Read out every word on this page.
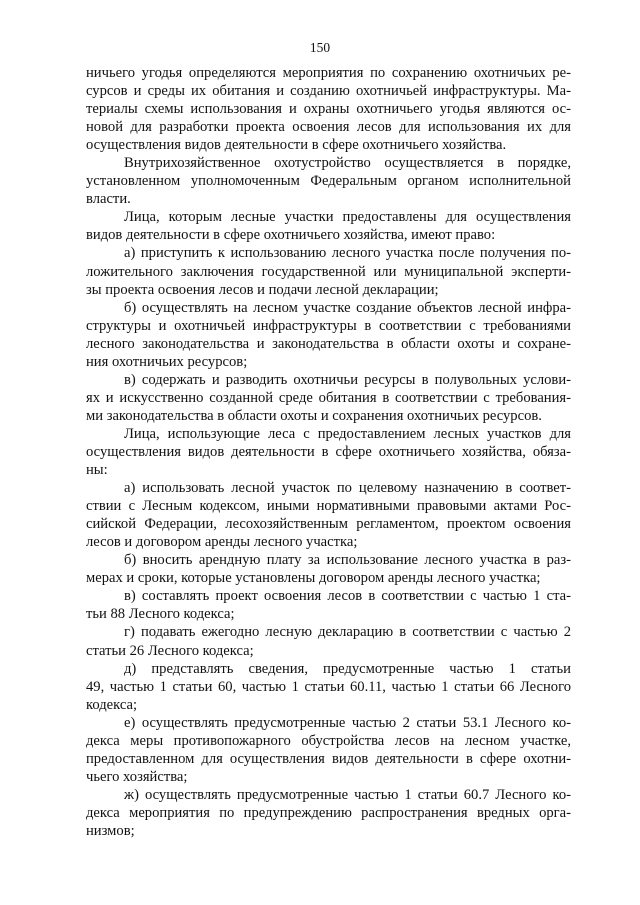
150
ничьего угодья определяются мероприятия по сохранению охотничьих ре-
сурсов и среды их обитания и созданию охотничьей инфраструктуры. Ма-
териалы схемы использования и охраны охотничьего угодья являются ос-
новой для разработки проекта освоения лесов для использования их для
осуществления видов деятельности в сфере охотничьего хозяйства.
Внутрихозяйственное охотустройство осуществляется в порядке,
установленном уполномоченным Федеральным органом исполнительной
власти.
Лица, которым лесные участки предоставлены для осуществления
видов деятельности в сфере охотничьего хозяйства, имеют право:
а) приступить к использованию лесного участка после получения по-
ложительного заключения государственной или муниципальной эксперти-
зы проекта освоения лесов и подачи лесной декларации;
б) осуществлять на лесном участке создание объектов лесной инфра-
структуры и охотничьей инфраструктуры в соответствии с требованиями
лесного законодательства и законодательства в области охоты и сохране-
ния охотничьих ресурсов;
в) содержать и разводить охотничьи ресурсы в полувольных услови-
ях и искусственно созданной среде обитания в соответствии с требования-
ми законодательства в области охоты и сохранения охотничьих ресурсов.
Лица, использующие леса с предоставлением лесных участков для
осуществления видов деятельности в сфере охотничьего хозяйства, обяза-
ны:
а) использовать лесной участок по целевому назначению в соответ-
ствии с Лесным кодексом, иными нормативными правовыми актами Рос-
сийской Федерации, лесохозяйственным регламентом, проектом освоения
лесов и договором аренды лесного участка;
б) вносить арендную плату за использование лесного участка в раз-
мерах и сроки, которые установлены договором аренды лесного участка;
в) составлять проект освоения лесов в соответствии с частью 1 ста-
тьи 88 Лесного кодекса;
г) подавать ежегодно лесную декларацию в соответствии с частью 2
статьи 26 Лесного кодекса;
д) представлять сведения, предусмотренные частью 1 статьи
49, частью 1 статьи 60, частью 1 статьи 60.11, частью 1 статьи 66 Лесного
кодекса;
е) осуществлять предусмотренные частью 2 статьи 53.1 Лесного ко-
декса меры противопожарного обустройства лесов на лесном участке,
предоставленном для осуществления видов деятельности в сфере охотни-
чьего хозяйства;
ж) осуществлять предусмотренные частью 1 статьи 60.7 Лесного ко-
декса мероприятия по предупреждению распространения вредных орга-
низмов;
